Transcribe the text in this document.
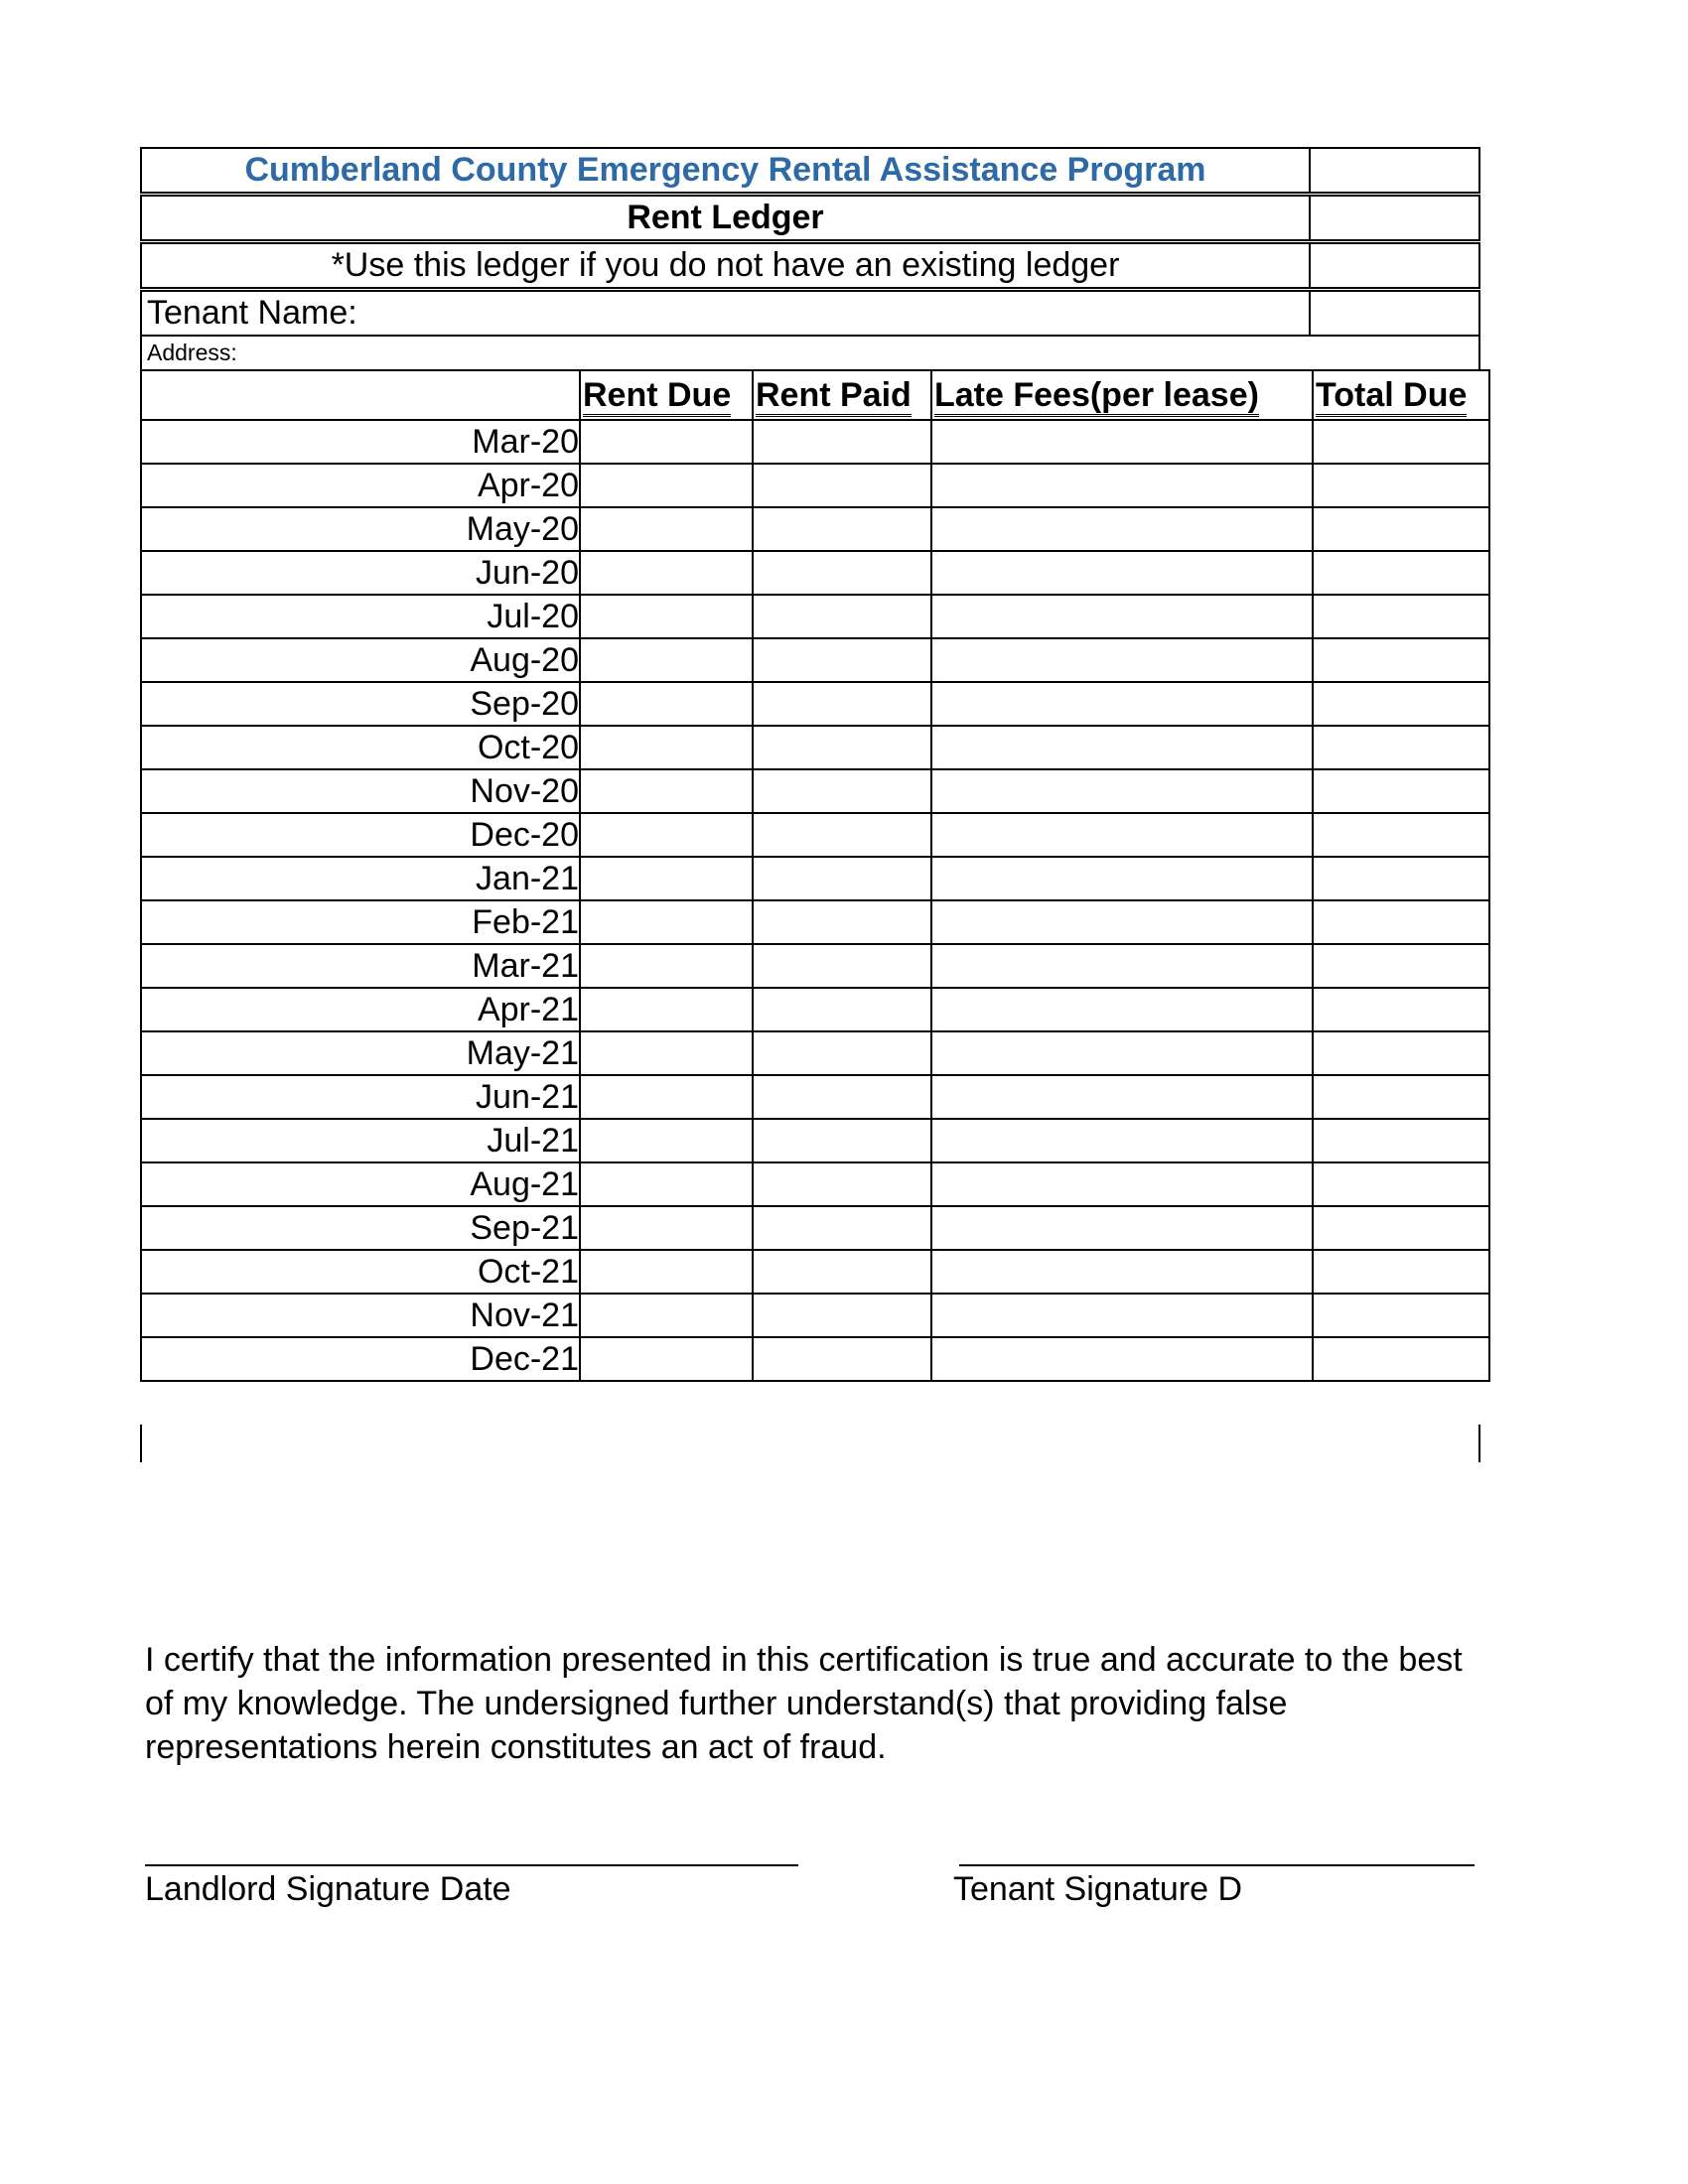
Cumberland County Emergency Rental Assistance Program
Rent Ledger
*Use this ledger if you do not have an existing ledger
Tenant Name:
Address:
	Rent Due	Rent Paid	Late Fees(per lease)	Total Due
Mar-20				
Apr-20				
May-20				
Jun-20				
Jul-20				
Aug-20				
Sep-20				
Oct-20				
Nov-20				
Dec-20				
Jan-21				
Feb-21				
Mar-21				
Apr-21				
May-21				
Jun-21				
Jul-21				
Aug-21				
Sep-21				
Oct-21				
Nov-21				
Dec-21				
I certify that the information presented in this certification is true and accurate to the best of my knowledge. The undersigned further understand(s) that providing false representations herein constitutes an act of fraud.
Landlord Signature Date	Tenant Signature D
